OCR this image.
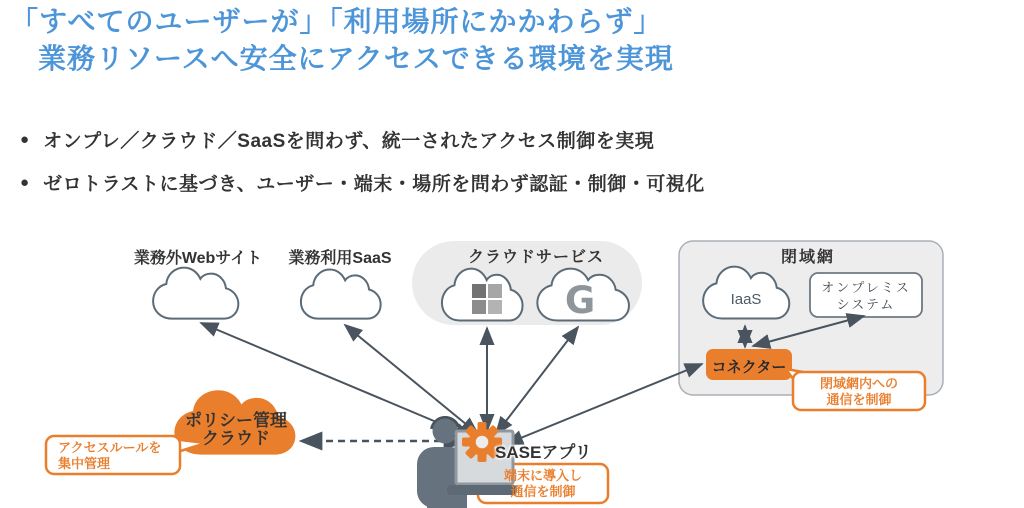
G
「すべてのユーザーが」「利用場所にかかわらず」
業務リソースへ安全にアクセスできる環境を実現
● オンプレ／クラウド／SaaSを問わず、統一されたアクセス制御を実現
● ゼロトラストに基づき、ユーザー・端末・場所を問わず認証・制御・可視化
業務外Webサイト	業務利用SaaS	クラウドサービス	閉域網
IaaS
オンプレミス
システム
コネクター
ポリシー管理
クラウド
SASEアプリ
アクセスルールを
集中管理
閉域網内への
通信を制御
端末に導入し
通信を制御
